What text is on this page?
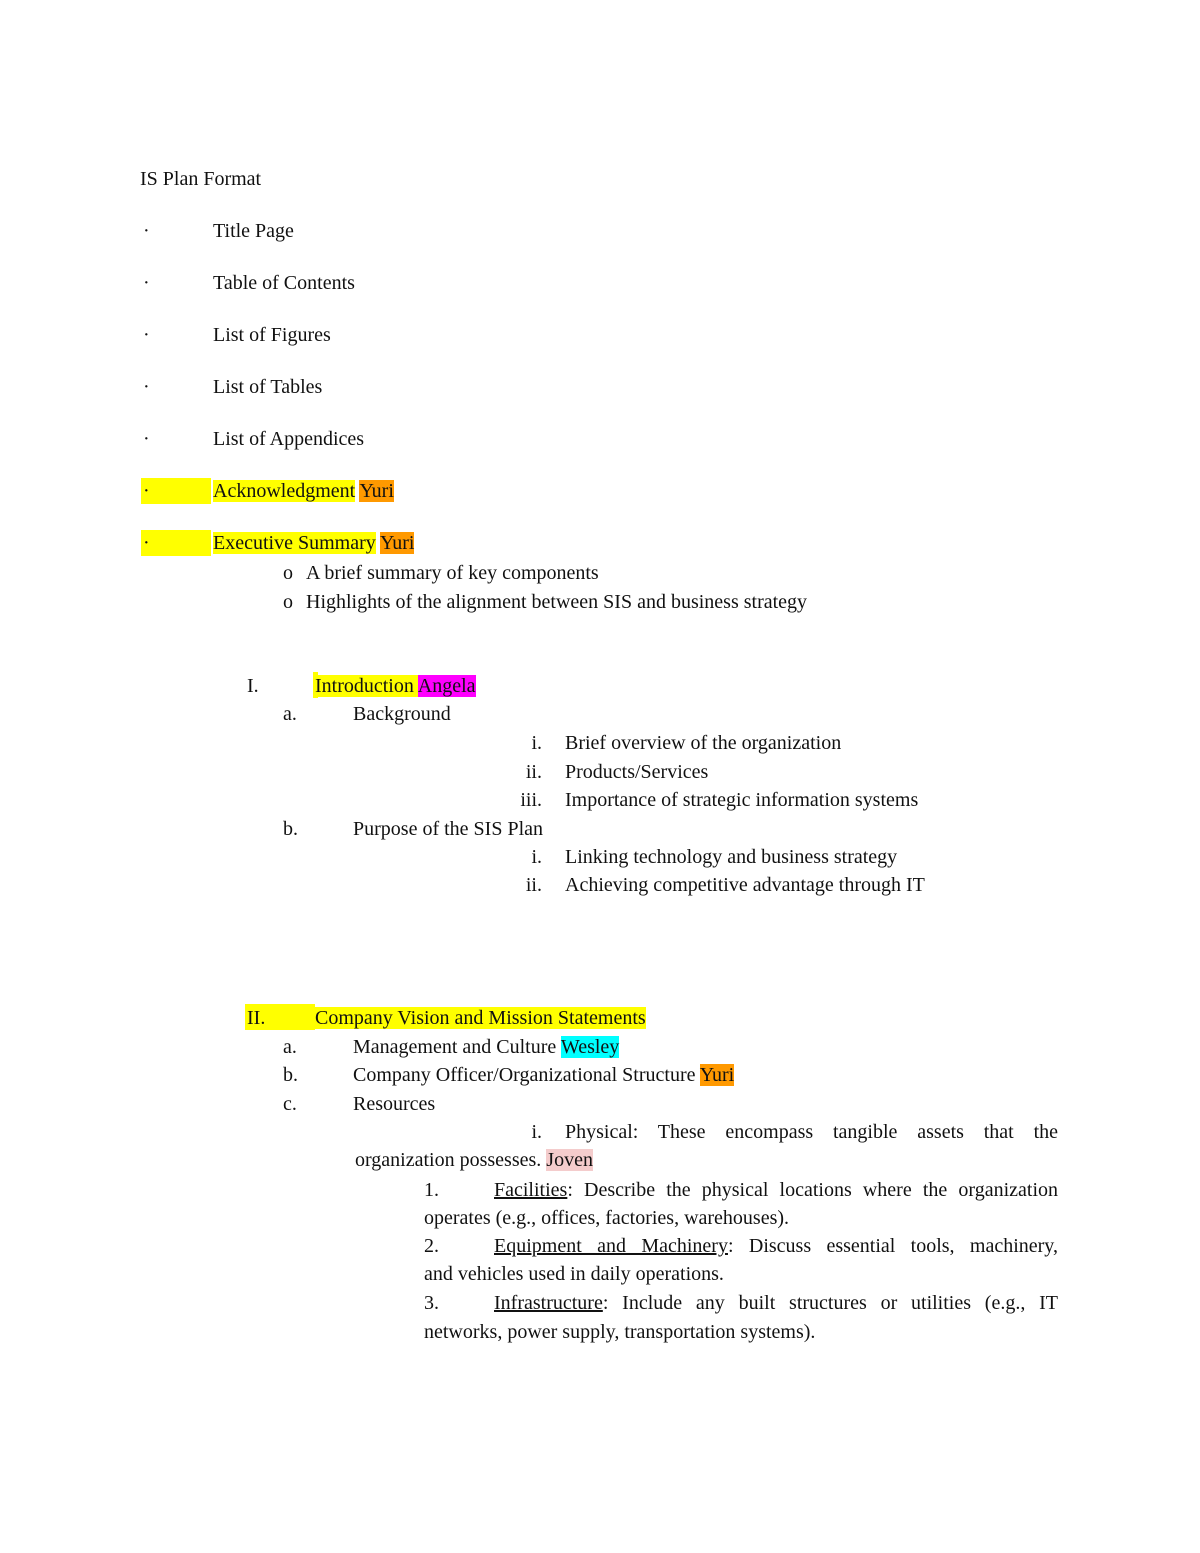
IS Plan Format
·	Title Page
·	Table of Contents
·	List of Figures
·	List of Tables
·	List of Appendices
·	Acknowledgment Yuri
·	Executive Summary Yuri
o A brief summary of key components
o Highlights of the alignment between SIS and business strategy
I.	Introduction Angela
a.	Background
i. Brief overview of the organization
ii. Products/Services
iii. Importance of strategic information systems
b.	Purpose of the SIS Plan
i. Linking technology and business strategy
ii. Achieving competitive advantage through IT
II. Company Vision and Mission Statements
a.	Management and Culture Wesley
b.	Company Officer/Organizational Structure Yuri
c.	Resources
i. Physical: These encompass tangible assets that the
organization possesses. Joven
1.	Facilities: Describe the physical locations where the organization
operates (e.g., offices, factories, warehouses).
2.	Equipment and Machinery: Discuss essential tools, machinery,
and vehicles used in daily operations.
3.	Infrastructure: Include any built structures or utilities (e.g., IT
networks, power supply, transportation systems).
